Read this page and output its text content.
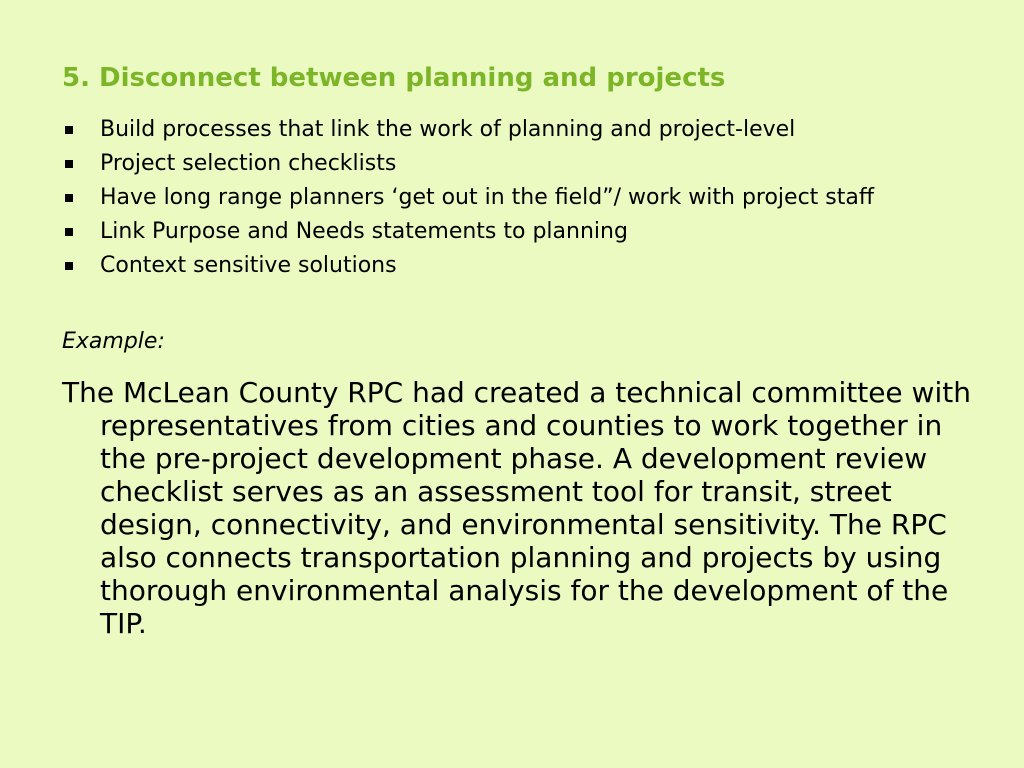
5. Disconnect between planning and projects
Build processes that link the work of planning and project-level
Project selection checklists
Have long range planners ‘get out in the field”/ work with project staff
Link Purpose and Needs statements to planning
Context sensitive solutions

Example:

The McLean County RPC had created a technical committee with representatives from cities and counties to work together in the pre-project development phase. A development review checklist serves as an assessment tool for transit, street design, connectivity, and environmental sensitivity. The RPC also connects transportation planning and projects by using thorough environmental analysis for the development of the TIP.
